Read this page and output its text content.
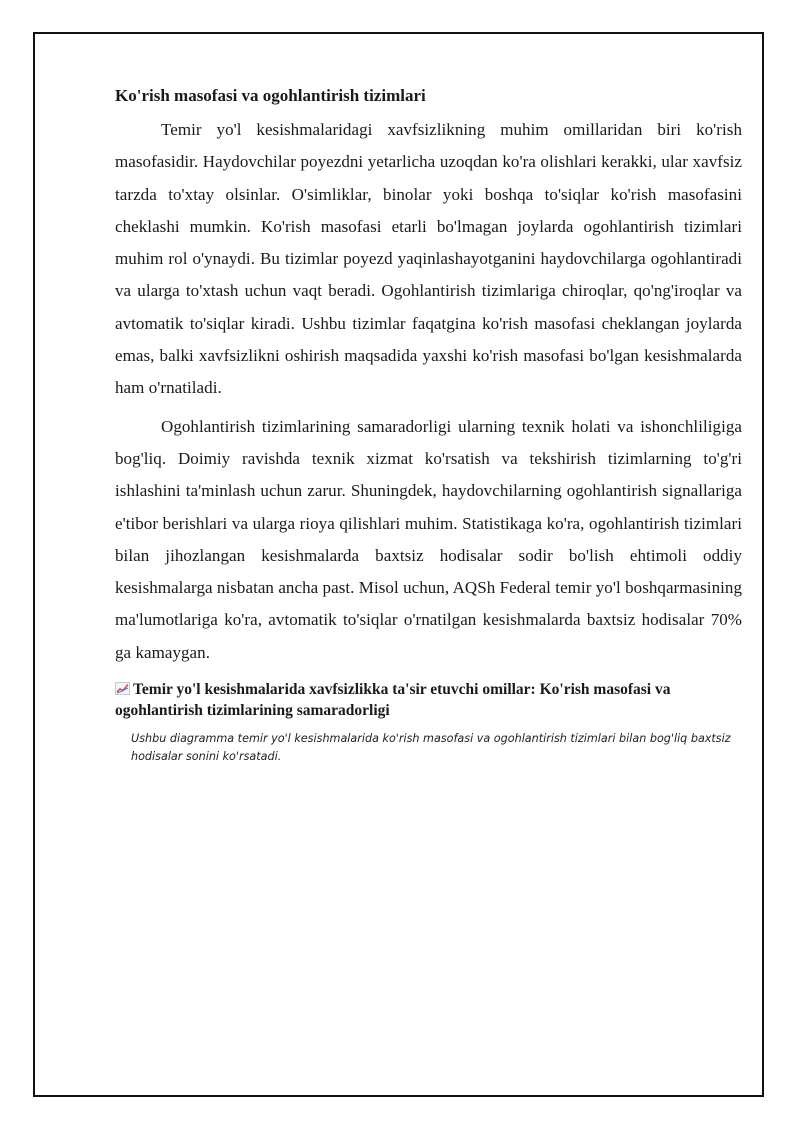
Ko'rish masofasi va ogohlantirish tizimlari

Temir yo'l kesishmalaridagi xavfsizlikning muhim omillaridan biri ko'rish masofasidir. Haydovchilar poyezdni yetarlicha uzoqdan ko'ra olishlari kerakki, ular xavfsiz tarzda to'xtay olsinlar. O'simliklar, binolar yoki boshqa to'siqlar ko'rish masofasini cheklashi mumkin. Ko'rish masofasi etarli bo'lmagan joylarda ogohlantirish tizimlari muhim rol o'ynaydi. Bu tizimlar poyezd yaqinlashayotganini haydovchilarga ogohlantiradi va ularga to'xtash uchun vaqt beradi. Ogohlantirish tizimlariga chiroqlar, qo'ng'iroqlar va avtomatik to'siqlar kiradi. Ushbu tizimlar faqatgina ko'rish masofasi cheklangan joylarda emas, balki xavfsizlikni oshirish maqsadida yaxshi ko'rish masofasi bo'lgan kesishmalarda ham o'rnatiladi.

Ogohlantirish tizimlarining samaradorligi ularning texnik holati va ishonchliligiga bog'liq. Doimiy ravishda texnik xizmat ko'rsatish va tekshirish tizimlarning to'g'ri ishlashini ta'minlash uchun zarur. Shuningdek, haydovchilarning ogohlantirish signallariga e'tibor berishlari va ularga rioya qilishlari muhim. Statistikaga ko'ra, ogohlantirish tizimlari bilan jihozlangan kesishmalarda baxtsiz hodisalar sodir bo'lish ehtimoli oddiy kesishmalarga nisbatan ancha past. Misol uchun, AQSh Federal temir yo'l boshqarmasining ma'lumotlariga ko'ra, avtomatik to'siqlar o'rnatilgan kesishmalarda baxtsiz hodisalar 70% ga kamaygan.

Temir yo'l kesishmalarida xavfsizlikka ta'sir etuvchi omillar: Ko'rish masofasi va ogohlantirish tizimlarining samaradorligi
Ushbu diagramma temir yo'l kesishmalarida ko'rish masofasi va ogohlantirish tizimlari bilan bog'liq baxtsiz hodisalar sonini ko'rsatadi.
